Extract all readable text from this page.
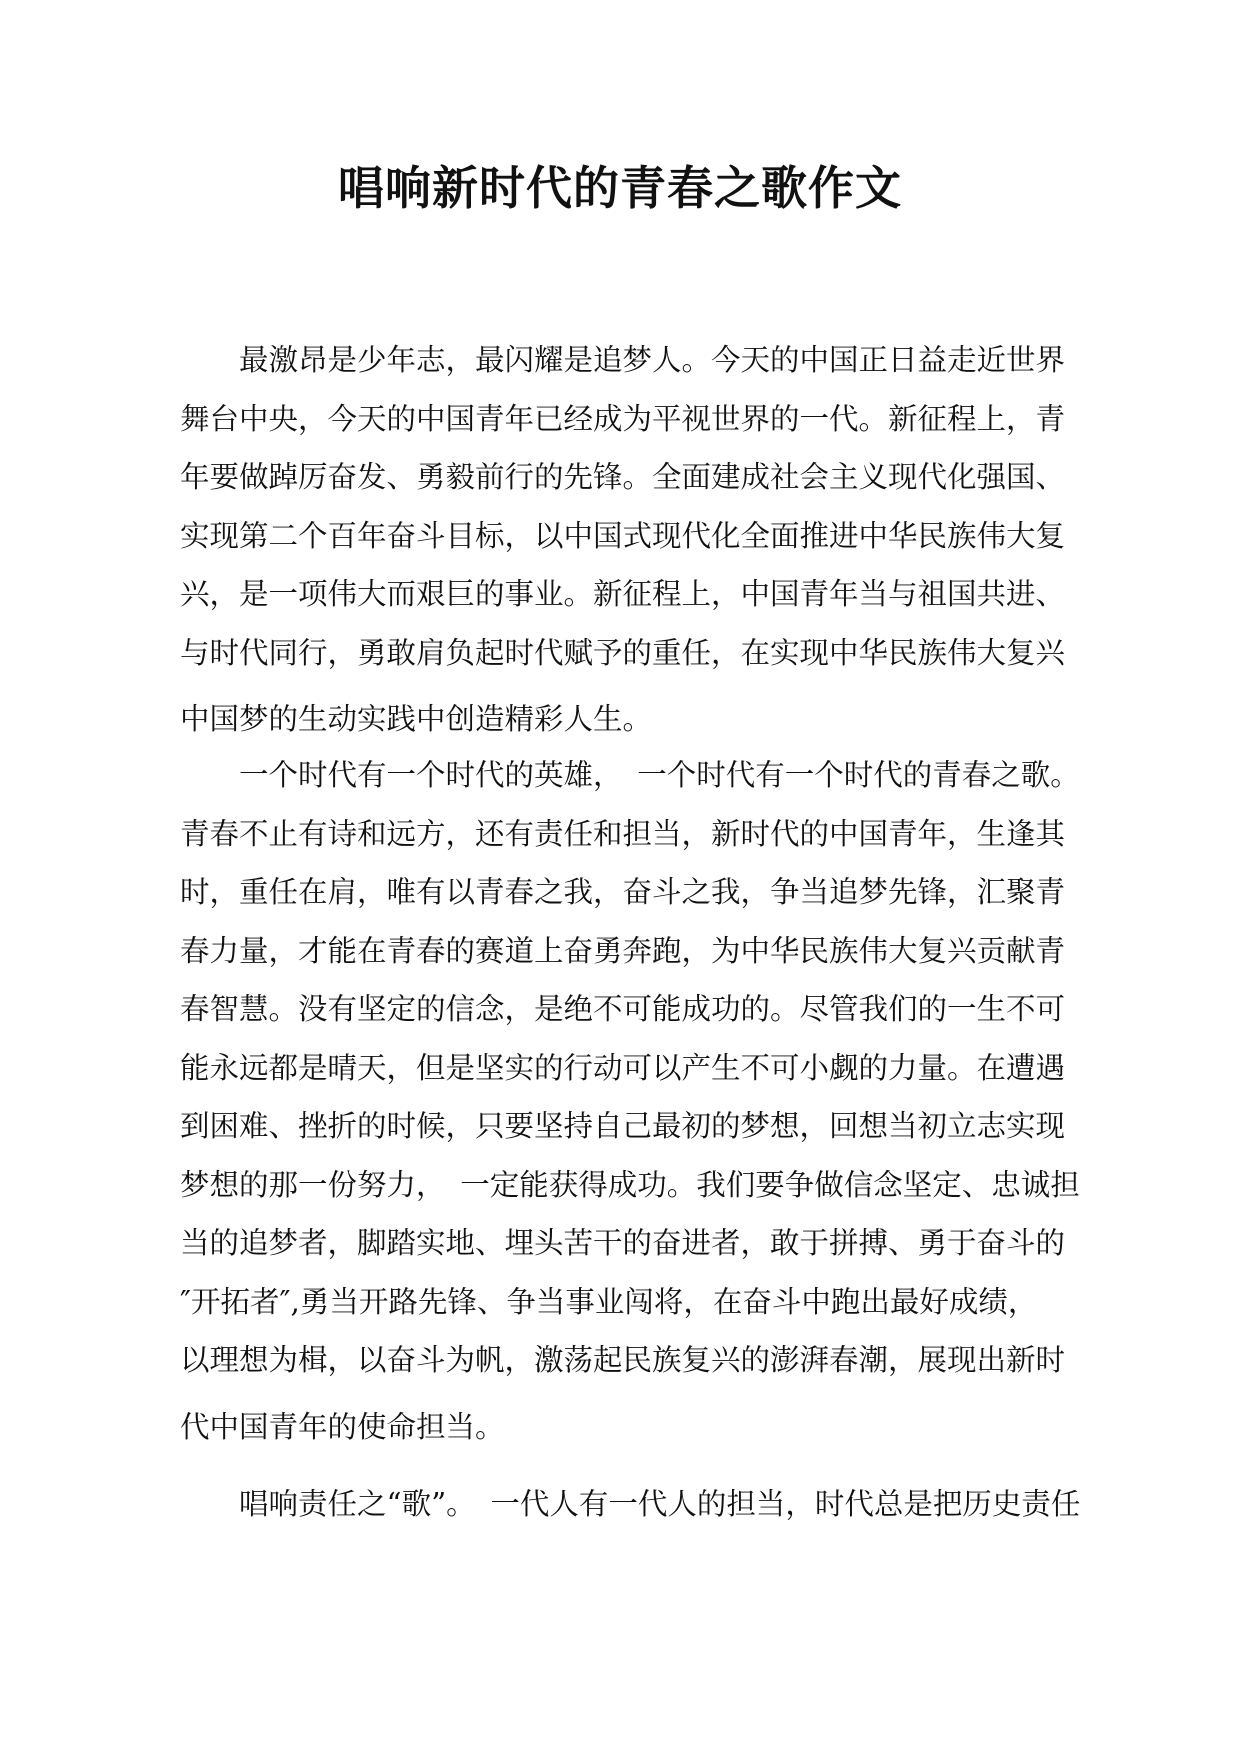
唱响新时代的青春之歌作文

最激昂是少年志，最闪耀是追梦人。今天的中国正日益走近世界
舞台中央，今天的中国青年已经成为平视世界的一代。新征程上，青
年要做踔厉奋发、勇毅前行的先锋。全面建成社会主义现代化强国、
实现第二个百年奋斗目标，以中国式现代化全面推进中华民族伟大复
兴，是一项伟大而艰巨的事业。新征程上，中国青年当与祖国共进、
与时代同行，勇敢肩负起时代赋予的重任，在实现中华民族伟大复兴
中国梦的生动实践中创造精彩人生。

一个时代有一个时代的英雄，　一个时代有一个时代的青春之歌。
青春不止有诗和远方，还有责任和担当，新时代的中国青年，生逢其
时，重任在肩，唯有以青春之我，奋斗之我，争当追梦先锋，汇聚青
春力量，才能在青春的赛道上奋勇奔跑，为中华民族伟大复兴贡献青
春智慧。没有坚定的信念，是绝不可能成功的。尽管我们的一生不可
能永远都是晴天，但是坚实的行动可以产生不可小觑的力量。在遭遇
到困难、挫折的时候，只要坚持自己最初的梦想，回想当初立志实现
梦想的那一份努力，　一定能获得成功。我们要争做信念坚定、忠诚担
当的追梦者，脚踏实地、埋头苦干的奋进者，敢于拼搏、勇于奋斗的
″开拓者″,勇当开路先锋、争当事业闯将，在奋斗中跑出最好成绩，
以理想为楫，以奋斗为帆，激荡起民族复兴的澎湃春潮，展现出新时
代中国青年的使命担当。

唱响责任之“歌”。　一代人有一代人的担当，时代总是把历史责任
